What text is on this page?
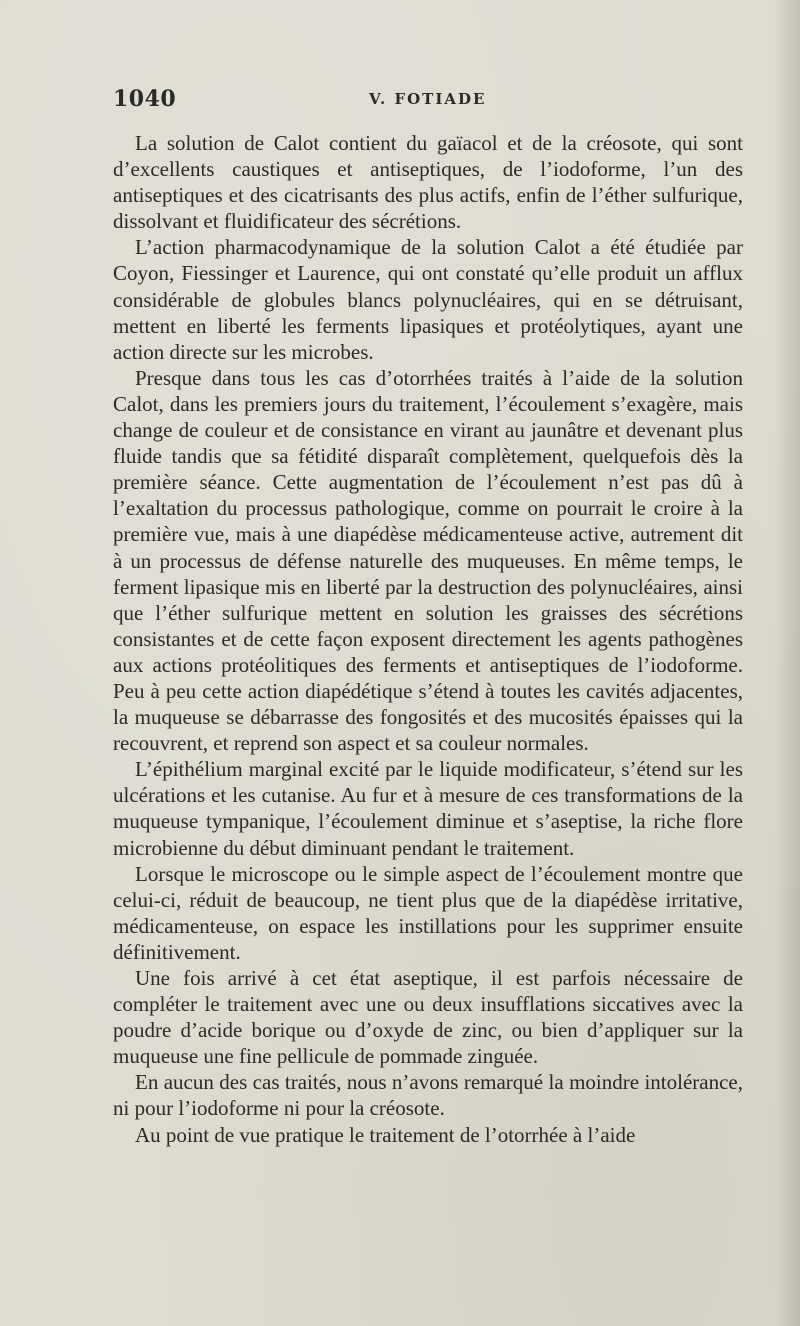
1040	V. FOTIADE

La solution de Calot contient du gaïacol et de la créosote, qui sont d’excellents caustiques et antiseptiques, de l’iodoforme, l’un des antiseptiques et des cicatrisants des plus actifs, enfin de l’éther sulfurique, dissolvant et fluidificateur des sécrétions.

L’action pharmacodynamique de la solution Calot a été étudiée par Coyon, Fiessinger et Laurence, qui ont constaté qu’elle produit un afflux considérable de globules blancs polynucléaires, qui en se détruisant, mettent en liberté les ferments lipasiques et protéolytiques, ayant une action directe sur les microbes.

Presque dans tous les cas d’otorrhées traités à l’aide de la solution Calot, dans les premiers jours du traitement, l’écoulement s’exagère, mais change de couleur et de consistance en virant au jaunâtre et devenant plus fluide tandis que sa fétidité disparaît complètement, quelquefois dès la première séance. Cette augmentation de l’écoulement n’est pas dû à l’exaltation du processus pathologique, comme on pourrait le croire à la première vue, mais à une diapédèse médicamenteuse active, autrement dit à un processus de défense naturelle des muqueuses. En même temps, le ferment lipasique mis en liberté par la destruction des polynucléaires, ainsi que l’éther sulfurique mettent en solution les graisses des sécrétions consistantes et de cette façon exposent directement les agents pathogènes aux actions protéolitiques des ferments et antiseptiques de l’iodoforme. Peu à peu cette action diapédétique s’étend à toutes les cavités adjacentes, la muqueuse se débarrasse des fongosités et des mucosités épaisses qui la recouvrent, et reprend son aspect et sa couleur normales.

L’épithélium marginal excité par le liquide modificateur, s’étend sur les ulcérations et les cutanise. Au fur et à mesure de ces transformations de la muqueuse tympanique, l’écoulement diminue et s’aseptise, la riche flore microbienne du début diminuant pendant le traitement.

Lorsque le microscope ou le simple aspect de l’écoulement montre que celui-ci, réduit de beaucoup, ne tient plus que de la diapédèse irritative, médicamenteuse, on espace les instillations pour les supprimer ensuite définitivement.

Une fois arrivé à cet état aseptique, il est parfois nécessaire de compléter le traitement avec une ou deux insufflations siccatives avec la poudre d’acide borique ou d’oxyde de zinc, ou bien d’appliquer sur la muqueuse une fine pellicule de pommade zinguée.

En aucun des cas traités, nous n’avons remarqué la moindre intolérance, ni pour l’iodoforme ni pour la créosote.

Au point de vue pratique le traitement de l’otorrhée à l’aide
